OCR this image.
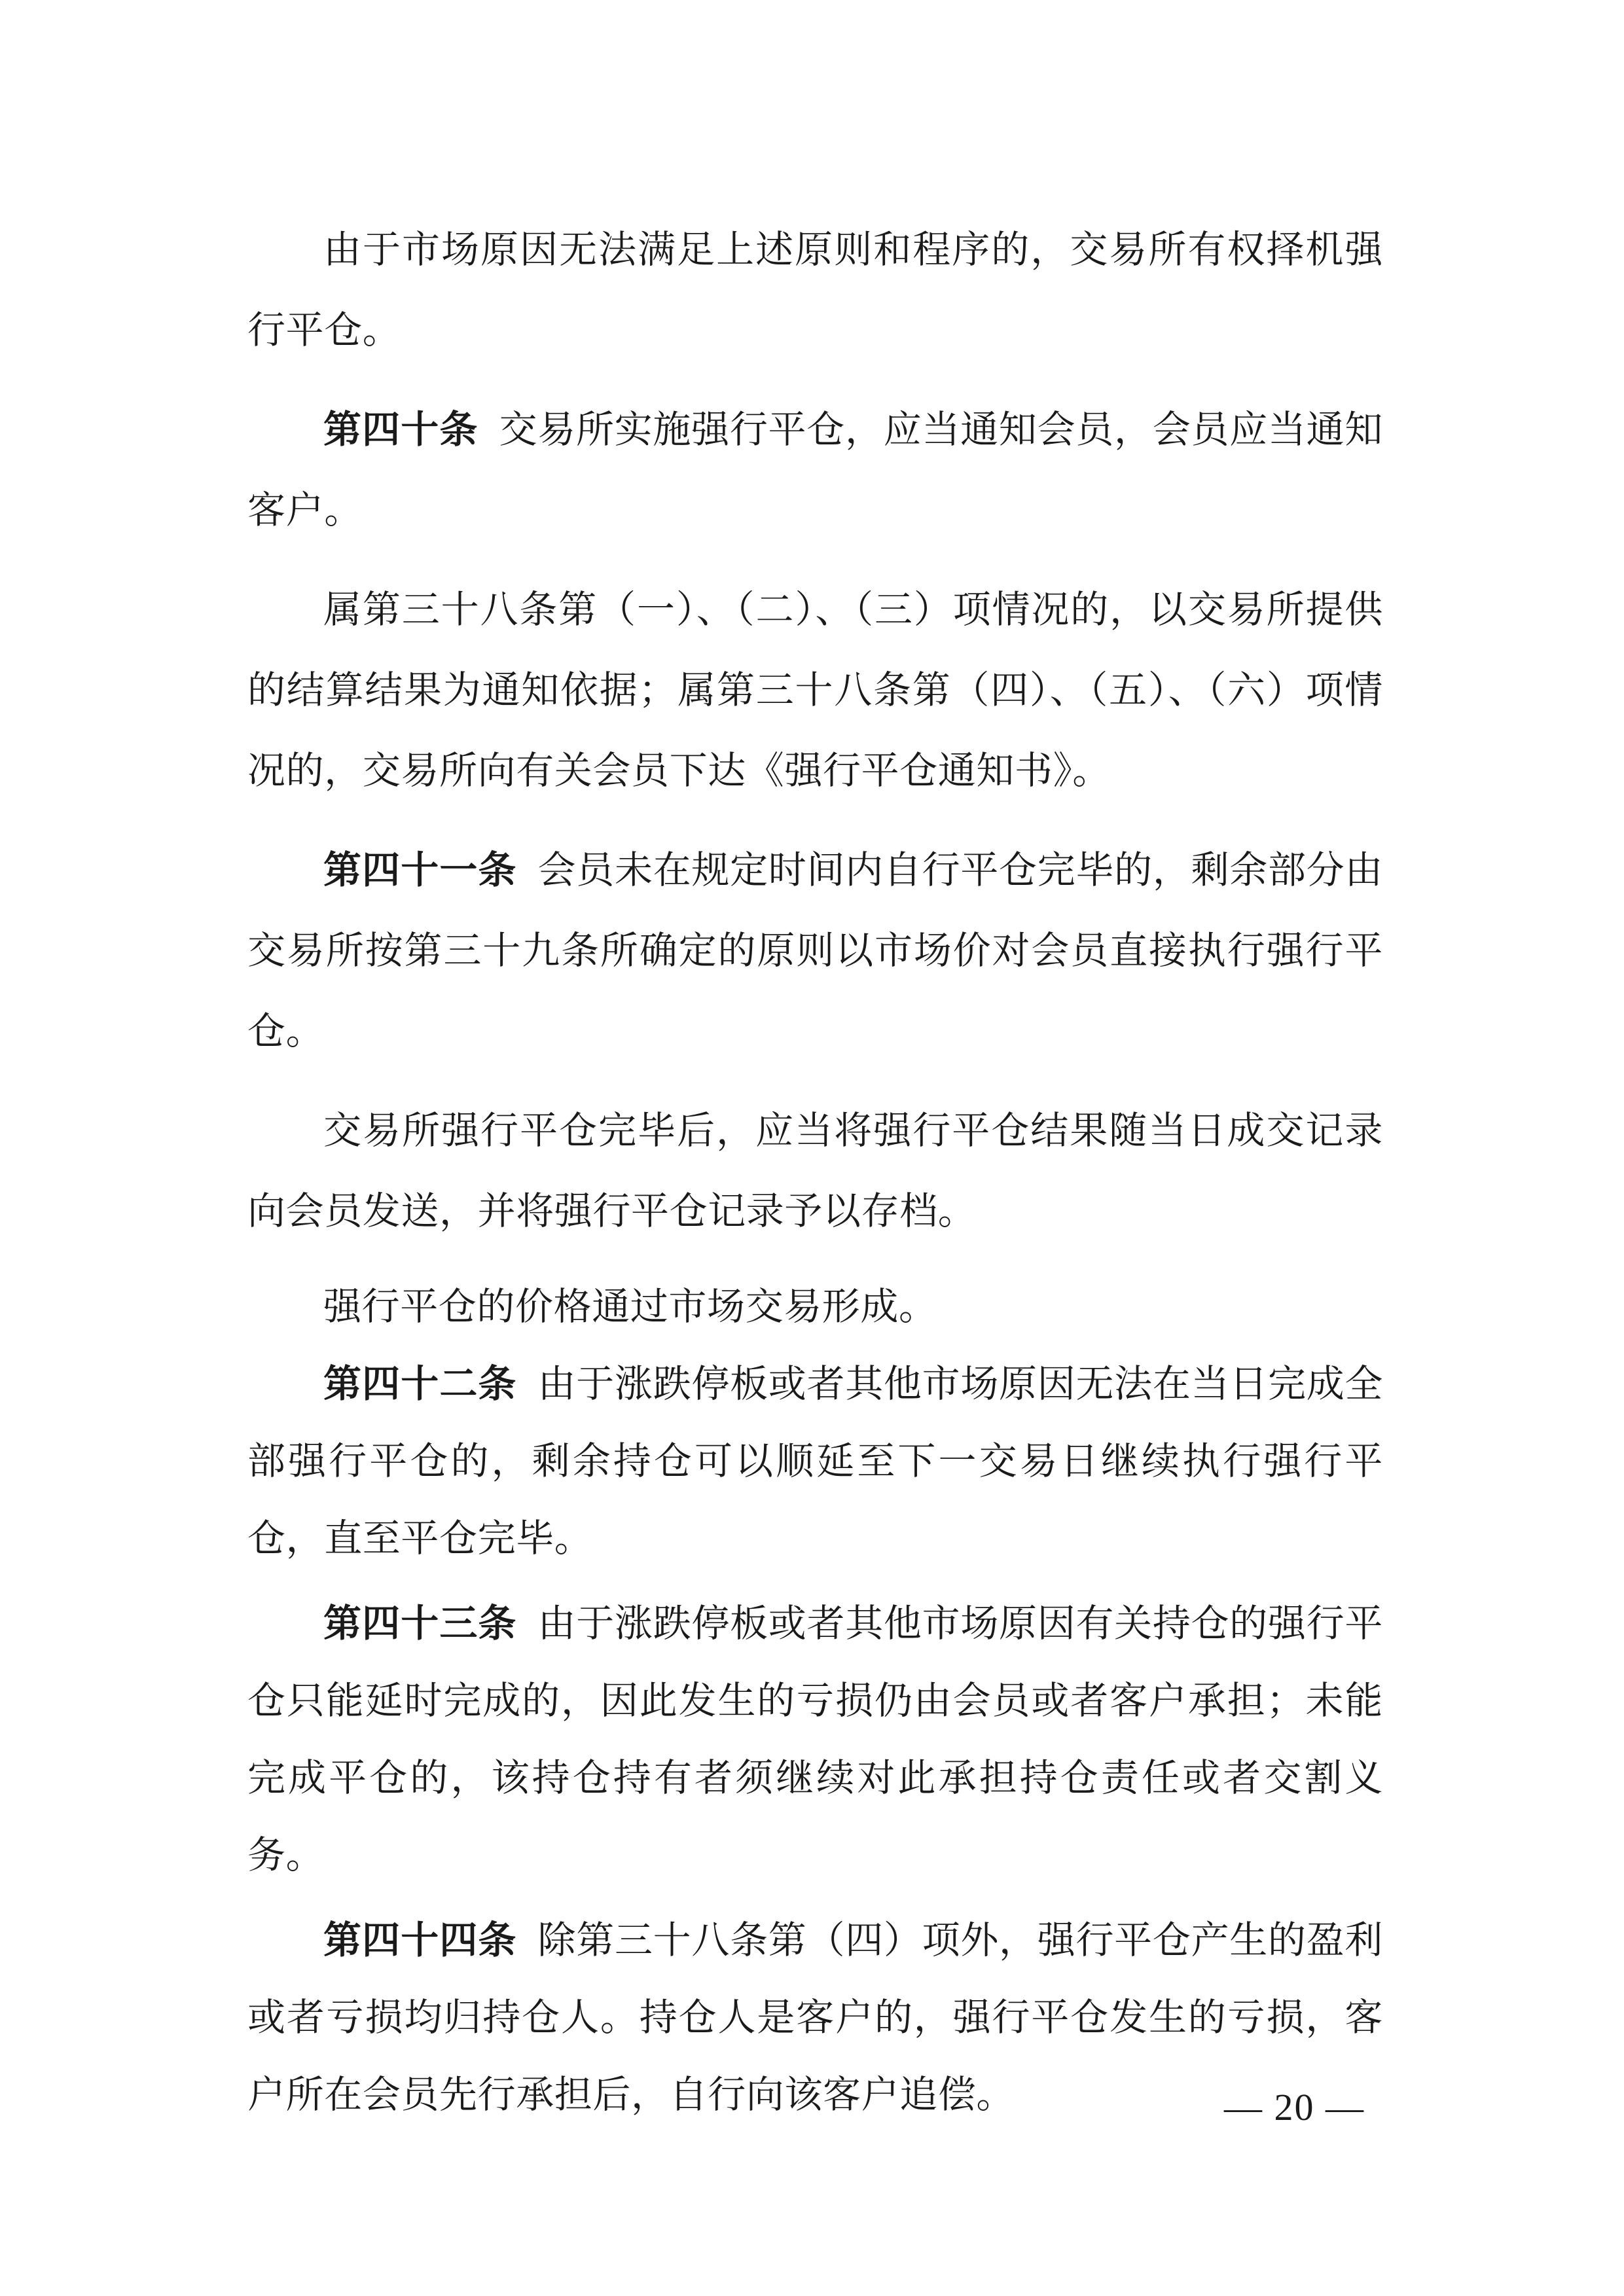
由于市场原因无法满足上述原则和程序的，交易所有权择机强行平仓。

第四十条 交易所实施强行平仓，应当通知会员，会员应当通知客户。

属第三十八条第（一）、（二）、（三）项情况的，以交易所提供的结算结果为通知依据；属第三十八条第（四）、（五）、（六）项情况的，交易所向有关会员下达《强行平仓通知书》。

第四十一条 会员未在规定时间内自行平仓完毕的，剩余部分由交易所按第三十九条所确定的原则以市场价对会员直接执行强行平仓。

交易所强行平仓完毕后，应当将强行平仓结果随当日成交记录向会员发送，并将强行平仓记录予以存档。

强行平仓的价格通过市场交易形成。

第四十二条 由于涨跌停板或者其他市场原因无法在当日完成全部强行平仓的，剩余持仓可以顺延至下一交易日继续执行强行平仓，直至平仓完毕。

第四十三条 由于涨跌停板或者其他市场原因有关持仓的强行平仓只能延时完成的，因此发生的亏损仍由会员或者客户承担；未能完成平仓的，该持仓持有者须继续对此承担持仓责任或者交割义务。

第四十四条 除第三十八条第（四）项外，强行平仓产生的盈利或者亏损均归持仓人。持仓人是客户的，强行平仓发生的亏损，客户所在会员先行承担后，自行向该客户追偿。	— 20 —
